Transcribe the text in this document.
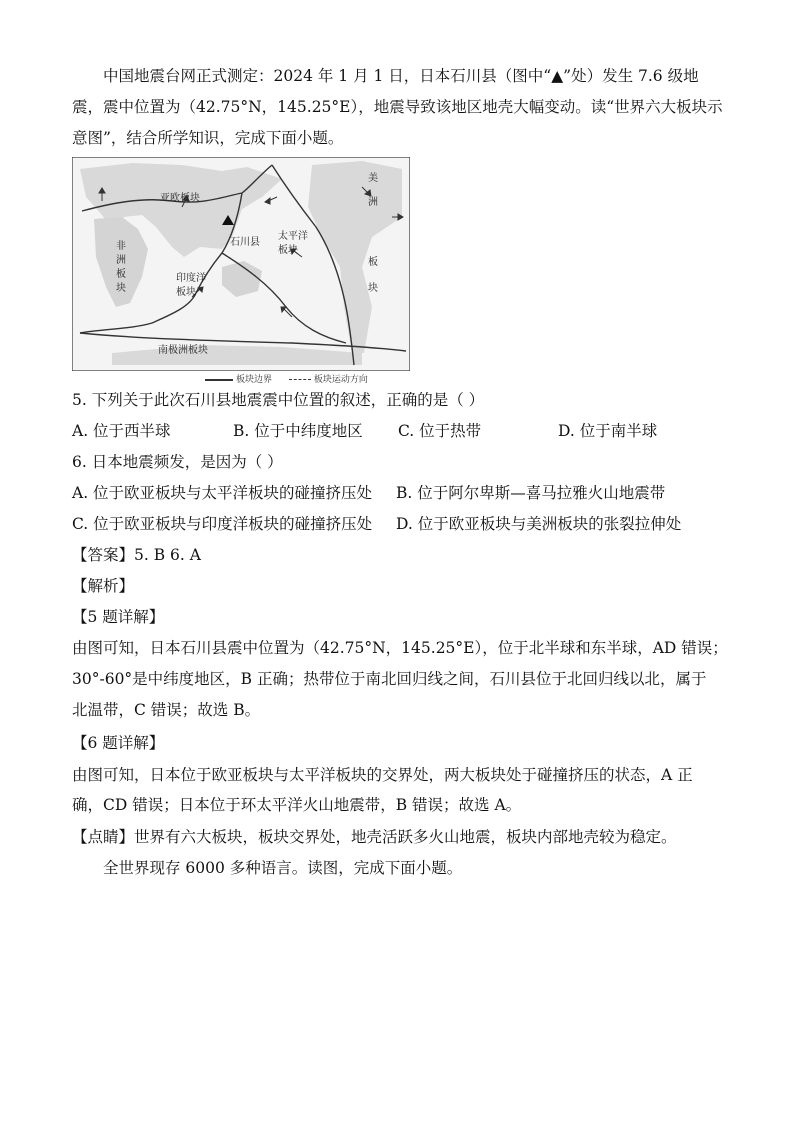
中国地震台网正式测定：2024 年 1 月 1 日，日本石川县（图中“▲”处）发生 7.6 级地
震，震中位置为（42.75°N，145.25°E），地震导致该地区地壳大幅变动。读“世界六大板块示
意图”，结合所学知识，完成下面小题。
亚欧板块
非
洲
板
块
印度洋
板块
太平洋
板块
美
洲
板
块
南极洲板块
石川县
板块边界	板块运动方向
5. 下列关于此次石川县地震震中位置的叙述，正确的是（ ）
A. 位于西半球	B. 位于中纬度地区 C. 位于热带	D. 位于南半球
6. 日本地震频发，是因为（ ）
A. 位于欧亚板块与太平洋板块的碰撞挤压处 B. 位于阿尔卑斯—喜马拉雅火山地震带
C. 位于欧亚板块与印度洋板块的碰撞挤压处 D. 位于欧亚板块与美洲板块的张裂拉伸处
【答案】5. B 6. A
【解析】
【5 题详解】
由图可知，日本石川县震中位置为（42.75°N，145.25°E），位于北半球和东半球，AD 错误；
30°-60°是中纬度地区，B 正确；热带位于南北回归线之间，石川县位于北回归线以北，属于
北温带，C 错误；故选 B。
【6 题详解】
由图可知，日本位于欧亚板块与太平洋板块的交界处，两大板块处于碰撞挤压的状态，A 正
确，CD 错误；日本位于环太平洋火山地震带，B 错误；故选 A。
【点睛】世界有六大板块，板块交界处，地壳活跃多火山地震，板块内部地壳较为稳定。
全世界现存 6000 多种语言。读图，完成下面小题。
